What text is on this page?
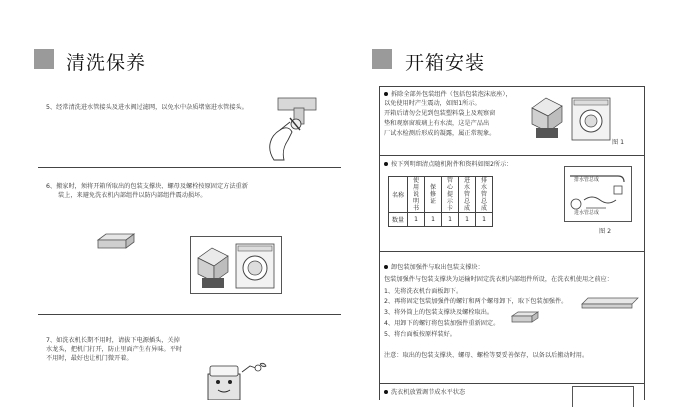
清洗保养
5、经常清洗进水管接头及进水阀过滤网，以免水中杂质堵塞进水管接头。
6、搬家时，须将开箱所取出的包装支撑块、螺母及螺栓按原固定方法重新
装上，来避免洗衣机内部组件以防内部组件震动损坏。
7、如洗衣机长期不用时，请拔下电源插头，关掉
水龙头，把机门打开，防止里面产生有异味。平时
不用时，最好也让机门微开着。
开箱安装
拆除全部外包装组件（包括包装泡沫底座），
以免使用时产生震动，如图1所示。
开箱后请勿会见到包装塑料袋上及观察窗
垫和观察窗玻璃上有水渍，这是产品出
厂试水检测后形成的凝露，属正常现象。
图 1
按下列明细清点随机附件和资料如图2所示：
名称	使用说明书	保修证	管心提示卡	进水管总成	排水管总成

数量	1	1	1	1	1
排水管总成
进水管总成
图 2
卸包装加强件与取出包装支撑块：
包装加强件与包装支撑块为运输时固定洗衣机内部组件所设，在洗衣机使用之前应：
1、先将洗衣机台面板卸下。
2、再将固定包装加强件的螺钉和两个螺母卸下，取下包装加强件。
3、将外筒上的包装支撑块及螺栓取出。
4、用卸下的螺钉将包装加强件重新固定。
5、将台面板按原样装好。
注意：取出的包装支撑块、螺母、螺栓等要妥善保存，以备以后搬动时用。
洗衣机放置调节成水平状态
